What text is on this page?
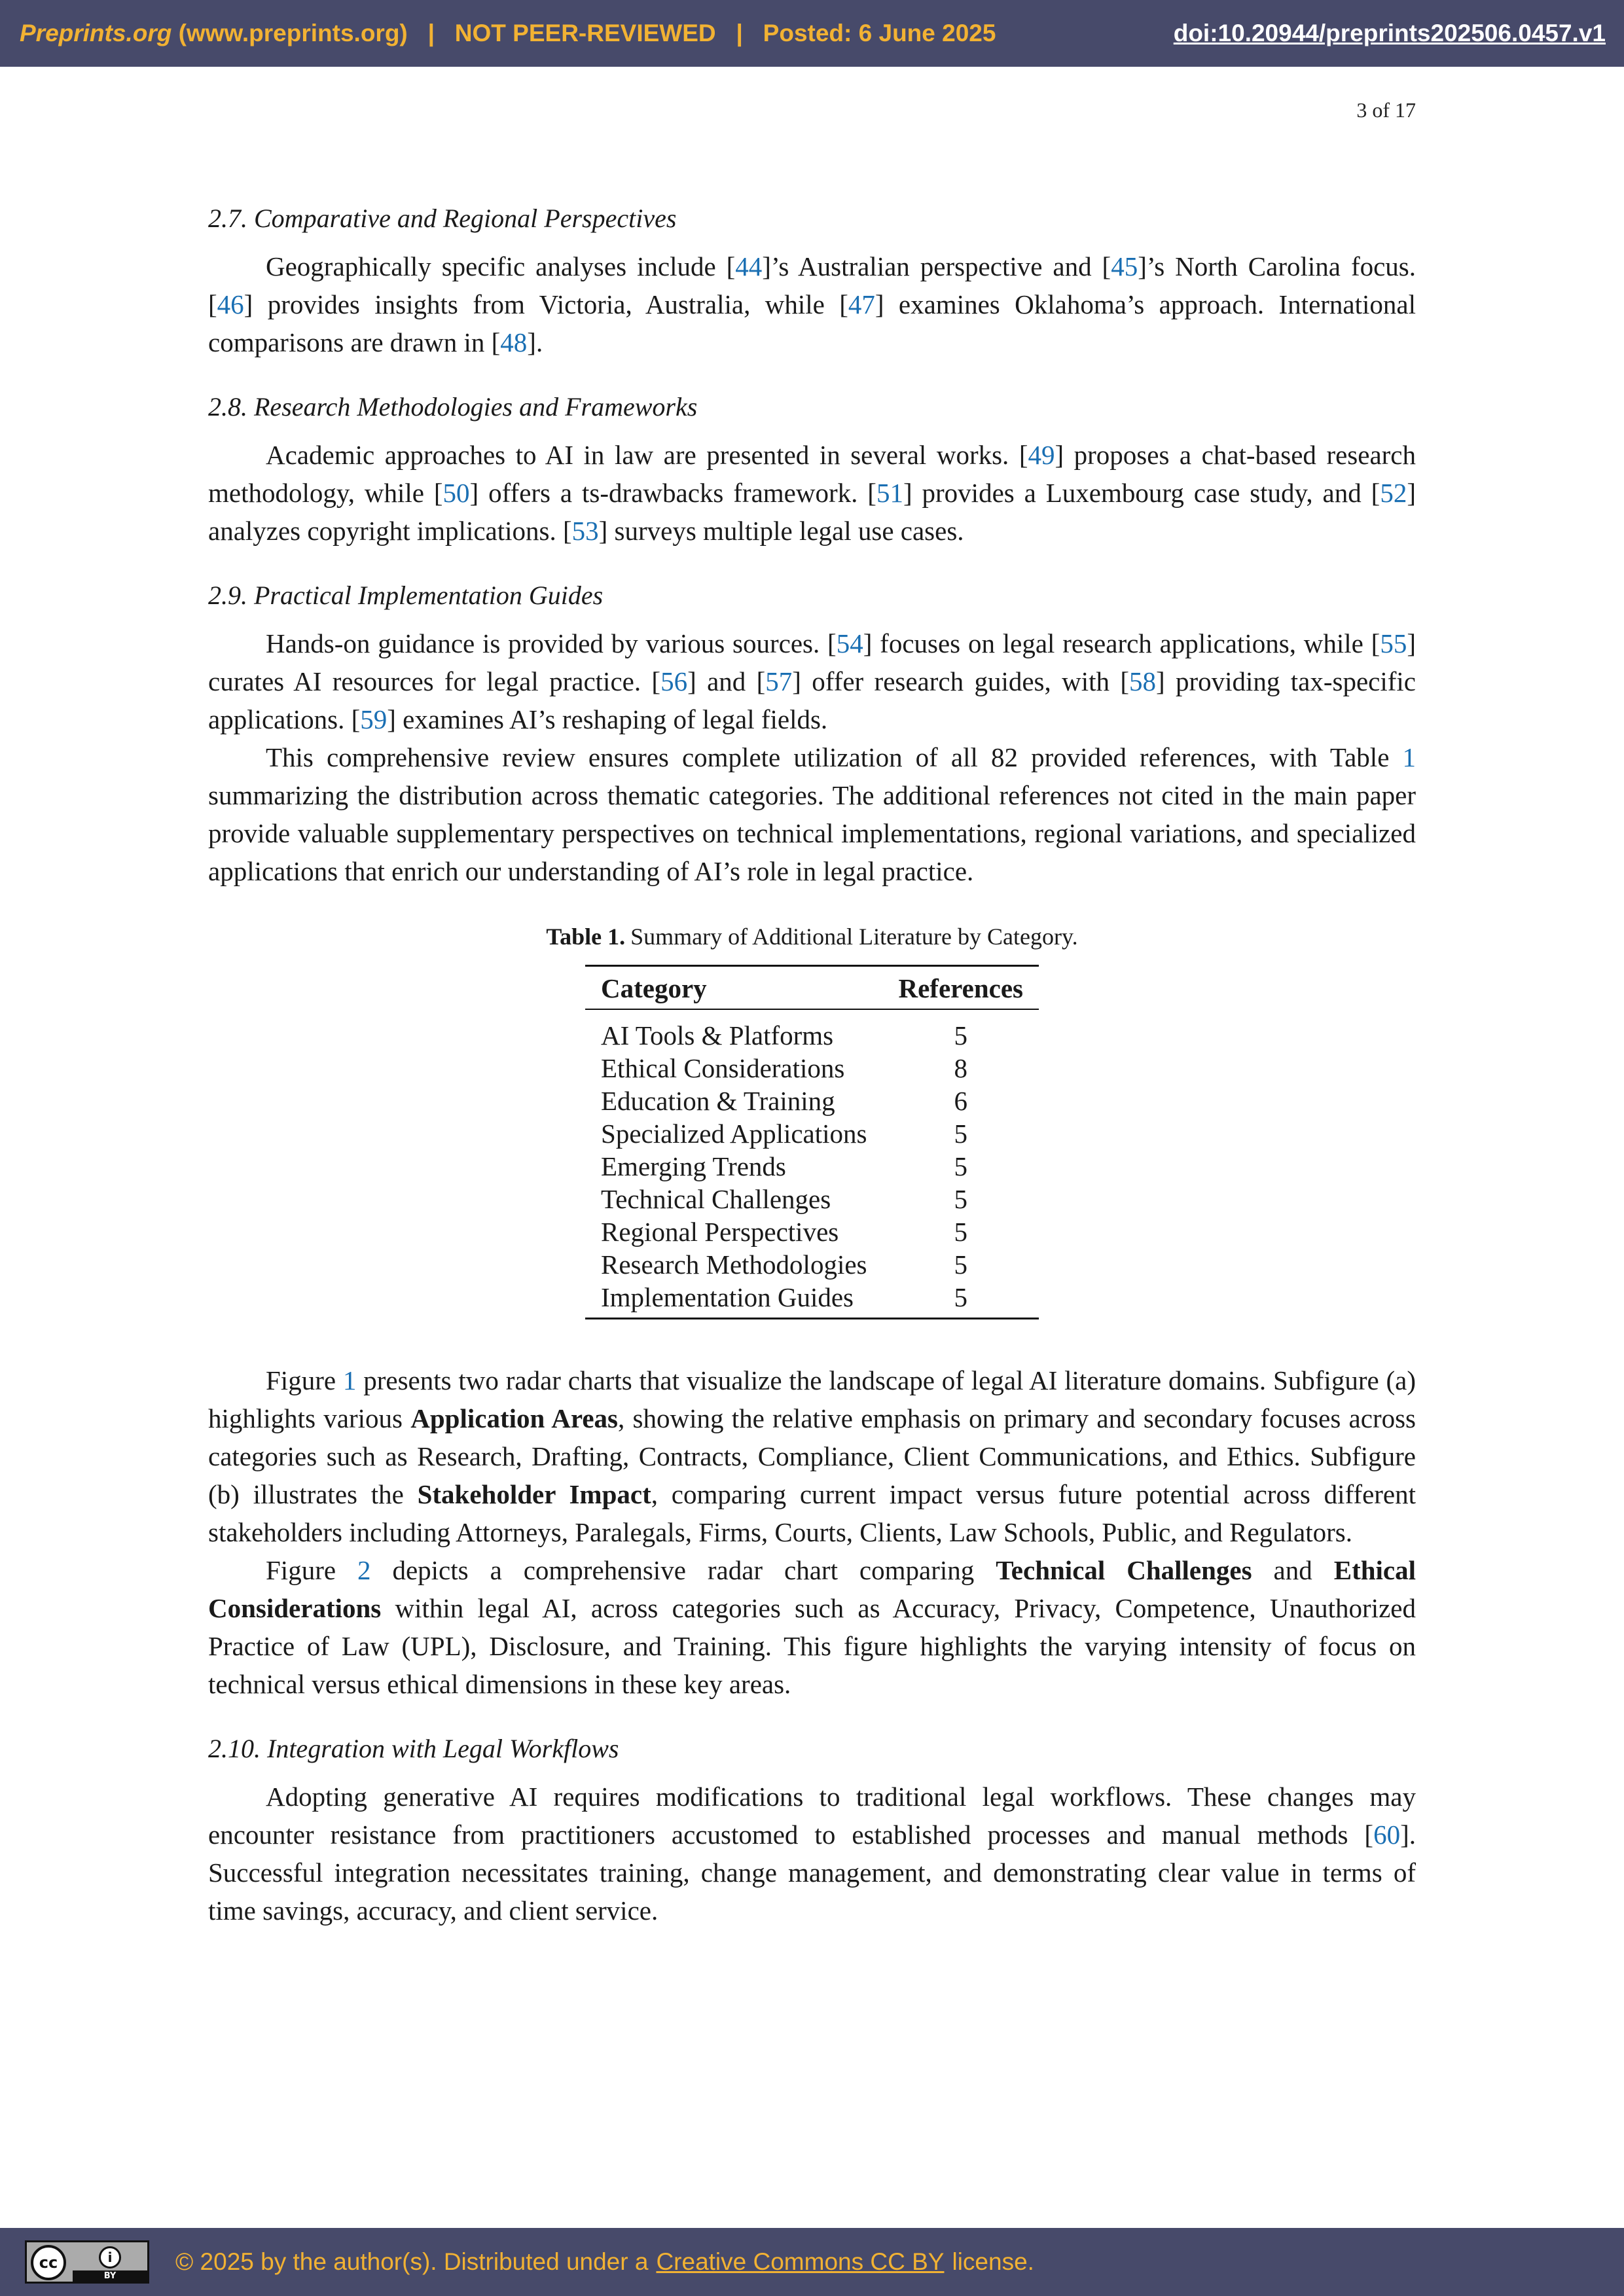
Preprints.org (www.preprints.org) | NOT PEER-REVIEWED | Posted: 6 June 2025	doi:10.20944/preprints202506.0457.v1
3 of 17
2.7. Comparative and Regional Perspectives

Geographically specific analyses include [44]’s Australian perspective and [45]’s North Carolina focus. [46] provides insights from Victoria, Australia, while [47] examines Oklahoma’s approach. International comparisons are drawn in [48].

2.8. Research Methodologies and Frameworks

Academic approaches to AI in law are presented in several works. [49] proposes a chat-based research methodology, while [50] offers a ts-drawbacks framework. [51] provides a Luxembourg case study, and [52] analyzes copyright implications. [53] surveys multiple legal use cases.

2.9. Practical Implementation Guides

Hands-on guidance is provided by various sources. [54] focuses on legal research applications, while [55] curates AI resources for legal practice. [56] and [57] offer research guides, with [58] providing tax-specific applications. [59] examines AI’s reshaping of legal fields.

This comprehensive review ensures complete utilization of all 82 provided references, with Table 1 summarizing the distribution across thematic categories. The additional references not cited in the main paper provide valuable supplementary perspectives on technical implementations, regional variations, and specialized applications that enrich our understanding of AI’s role in legal practice.

Table 1. Summary of Additional Literature by Category.
Category	References
AI Tools & Platforms	5
Ethical Considerations	8
Education & Training	6
Specialized Applications	5
Emerging Trends	5
Technical Challenges	5
Regional Perspectives	5
Research Methodologies	5
Implementation Guides	5

Figure 1 presents two radar charts that visualize the landscape of legal AI literature domains. Subfigure (a) highlights various Application Areas, showing the relative emphasis on primary and secondary focuses across categories such as Research, Drafting, Contracts, Compliance, Client Communications, and Ethics. Subfigure (b) illustrates the Stakeholder Impact, comparing current impact versus future potential across different stakeholders including Attorneys, Paralegals, Firms, Courts, Clients, Law Schools, Public, and Regulators.

Figure 2 depicts a comprehensive radar chart comparing Technical Challenges and Ethical Considerations within legal AI, across categories such as Accuracy, Privacy, Competence, Unauthorized Practice of Law (UPL), Disclosure, and Training. This figure highlights the varying intensity of focus on technical versus ethical dimensions in these key areas.

2.10. Integration with Legal Workflows

Adopting generative AI requires modifications to traditional legal workflows. These changes may encounter resistance from practitioners accustomed to established processes and manual methods [60]. Successful integration necessitates training, change management, and demonstrating clear value in terms of time savings, accuracy, and client service.

cc	i
BY
© 2025 by the author(s). Distributed under a Creative Commons CC BY license.
